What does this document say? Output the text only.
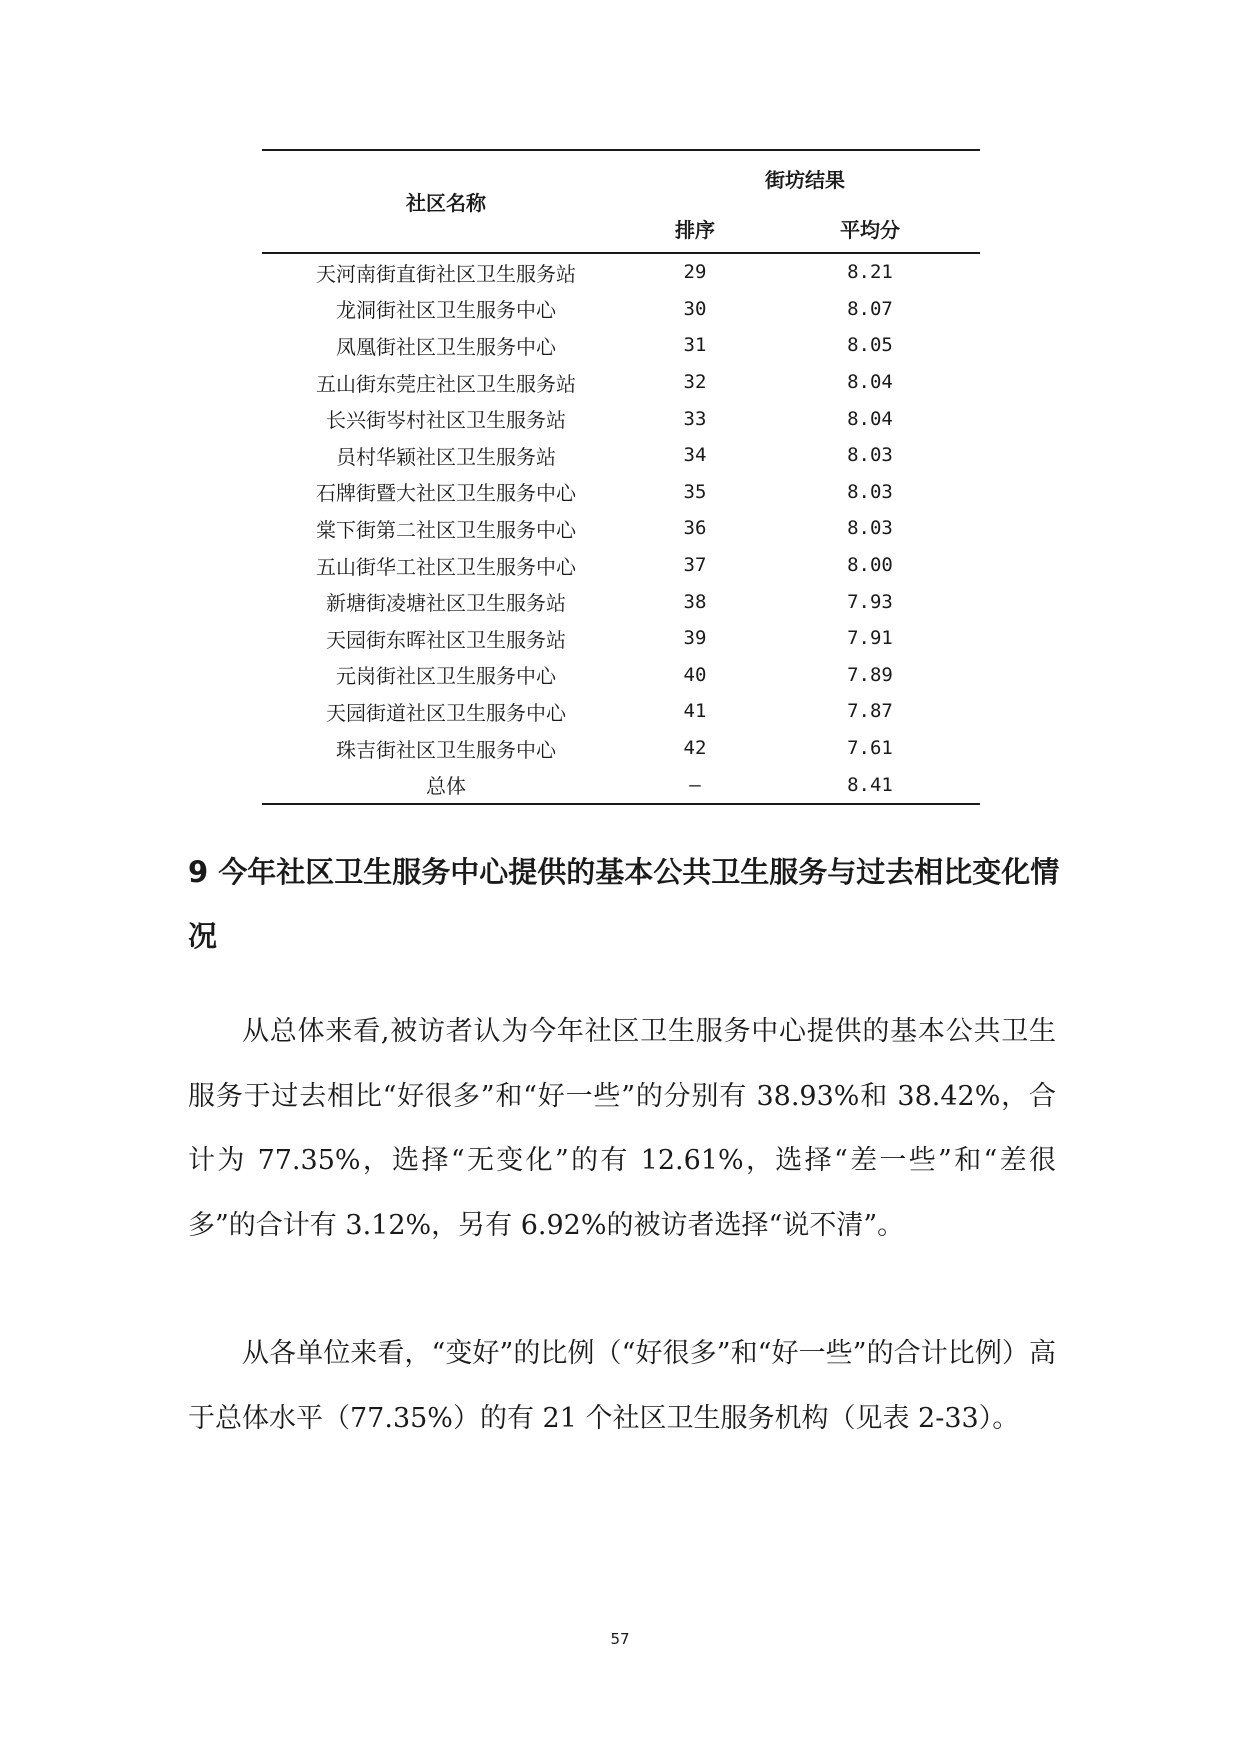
社区名称	街坊结果	
	排序	平均分
天河南街直街社区卫生服务站	29	8.21
龙洞街社区卫生服务中心	30	8.07
凤凰街社区卫生服务中心	31	8.05
五山街东莞庄社区卫生服务站	32	8.04
长兴街岑村社区卫生服务站	33	8.04
员村华颖社区卫生服务站	34	8.03
石牌街暨大社区卫生服务中心	35	8.03
棠下街第二社区卫生服务中心	36	8.03
五山街华工社区卫生服务中心	37	8.00
新塘街凌塘社区卫生服务站	38	7.93
天园街东晖社区卫生服务站	39	7.91
元岗街社区卫生服务中心	40	7.89
天园街道社区卫生服务中心	41	7.87
珠吉街社区卫生服务中心	42	7.61
总体	—	8.41
9 今年社区卫生服务中心提供的基本公共卫生服务与过去相比变化情况

从总体来看,被访者认为今年社区卫生服务中心提供的基本公共卫生服务于过去相比“好很多”和“好一些”的分别有 38.93%和 38.42%，合计为 77.35%，选择“无变化”的有 12.61%，选择“差一些”和“差很多”的合计有 3.12%，另有 6.92%的被访者选择“说不清”。

从各单位来看，“变好”的比例（“好很多”和“好一些”的合计比例）高于总体水平（77.35%）的有 21 个社区卫生服务机构（见表 2-33）。

57
